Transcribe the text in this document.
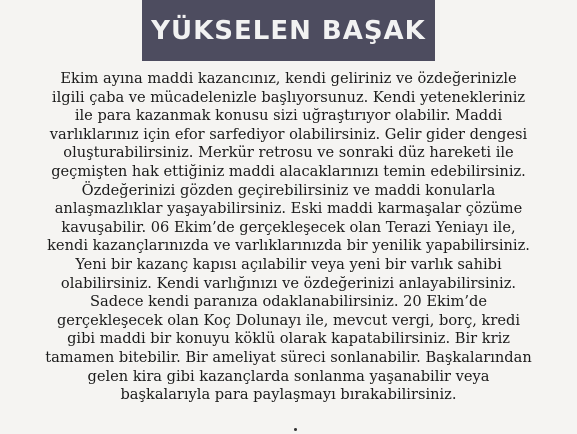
YÜKSELEN BAŞAK

Ekim ayına maddi kazancınız, kendi geliriniz ve özdeğerinizle
ilgili çaba ve mücadelenizle başlıyorsunuz. Kendi yetenekleriniz
ile para kazanmak konusu sizi uğraştırıyor olabilir. Maddi
varlıklarınız için efor sarfediyor olabilirsiniz. Gelir gider dengesi
oluşturabilirsiniz. Merkür retrosu ve sonraki düz hareketi ile
geçmişten hak ettiğiniz maddi alacaklarınızı temin edebilirsiniz.
Özdeğerinizi gözden geçirebilirsiniz ve maddi konularla
anlaşmazlıklar yaşayabilirsiniz. Eski maddi karmaşalar çözüme
kavuşabilir. 06 Ekim’de gerçekleşecek olan Terazi Yeniayı ile,
kendi kazançlarınızda ve varlıklarınızda bir yenilik yapabilirsiniz.
Yeni bir kazanç kapısı açılabilir veya yeni bir varlık sahibi
olabilirsiniz. Kendi varlığınızı ve özdeğerinizi anlayabilirsiniz.
Sadece kendi paranıza odaklanabilirsiniz. 20 Ekim’de
gerçekleşecek olan Koç Dolunayı ile, mevcut vergi, borç, kredi
gibi maddi bir konuyu köklü olarak kapatabilirsiniz. Bir kriz
tamamen bitebilir. Bir ameliyat süreci sonlanabilir. Başkalarından
gelen kira gibi kazançlarda sonlanma yaşanabilir veya
başkalarıyla para paylaşmayı bırakabilirsiniz.
